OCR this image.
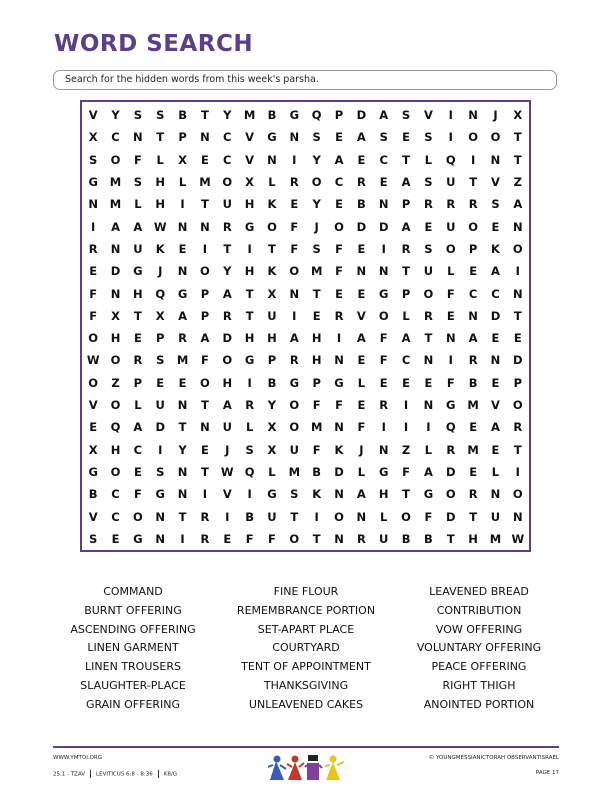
WORD SEARCH
Search for the hidden words from this week's parsha.
V	Y	S	S	B	T	Y	M	B	G	Q	P	D	A	S	V	I	N	J	X
X	C	N	T	P	N	C	V	G	N	S	E	A	S	E	S	I	O	O	T
S	O	F	L	X	E	C	V	N	I	Y	A	E	C	T	L	Q	I	N	T
G	M	S	H	L	M	O	X	L	R	O	C	R	E	A	S	U	T	V	Z
N	M	L	H	I	T	U	H	K	E	Y	E	B	N	P	R	R	R	S	A
I	A	A	W N	N	R	G	O	F	J	O	D	D	A	E	U	O	E	N
R	N	U	K	E	I	T	I	T	F	S	F	E	I	R	S	O	P	K	O
E	D	G	J	N	O	Y	H	K	O	M	F	N	N	T	U	L	E	A	I
F	N	H	Q	G	P	A	T	X	N	T	E	E	G	P	O	F	C	C	N
F	X	T	X	A	P	R	T	U	I	E	R	V	O	L	R	E	N	D	T
O	H	E	P	R	A	D	H	H	A	H	I	A	F	A	T	N	A	E	E
W O	R	S	M	F	O	G	P	R	H	N	E	F	C	N	I	R	N	D
O	Z	P	E	E	O	H	I	B	G	P	G	L	E	E	E	F	B	E	P
V	O	L	U	N	T	A	R	Y	O	F	F	E	R	I	N	G	M	V	O
E	Q	A	D	T	N	U	L	X	O	M	N	F	I	I	I	Q	E	A	R
X	H	C	I	Y	E	J	S	X	U	F	K	J	N	Z	L	R	M	E	T
G	O	E	S	N	T	W Q	L	M	B	D	L	G	F	A	D	E	L	I
B	C	F	G	N	I	V	I	G	S	K	N	A	H	T	G	O	R	N	O
V	C	O	N	T	R	I	B	U	T	I	O	N	L	O	F	D	T	U	N
S	E	G	N	I	R	E	F	F	O	T	N	R	U	B	B	T	H	M W
COMMAND	FINE FLOUR	LEAVENED BREAD
BURNT OFFERING	REMEMBRANCE PORTION	CONTRIBUTION
ASCENDING OFFERING	SET-APART PLACE	VOW OFFERING
LINEN GARMENT	COURTYARD	VOLUNTARY OFFERING
LINEN TROUSERS	TENT OF APPOINTMENT	PEACE OFFERING
SLAUGHTER-PLACE	THANKSGIVING	RIGHT THIGH
GRAIN OFFERING	UNLEAVENED CAKES	ANOINTED PORTION
WWW.YMTOI.ORG
25.1 - TZAV LEVITICUS 6:8 - 8:36 K8/G
© YOUNGMESSIANICTORAH OBSERVANTISRAEL
PAGE 17
